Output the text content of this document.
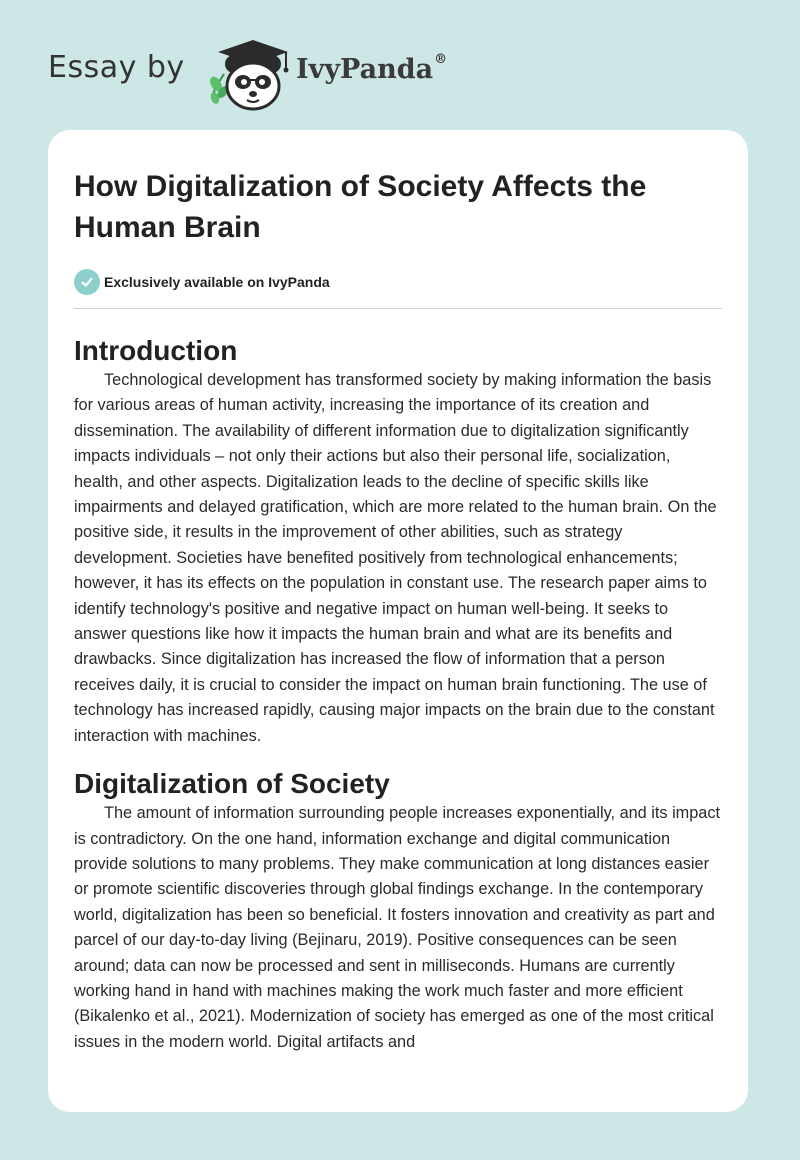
Essay by	IvyPanda®
How Digitalization of Society Affects the Human Brain
Exclusively available on IvyPanda
Introduction

Technological development has transformed society by making information the basis for various areas of human activity, increasing the importance of its creation and dissemination. The availability of different information due to digitalization significantly impacts individuals – not only their actions but also their personal life, socialization, health, and other aspects. Digitalization leads to the decline of specific skills like impairments and delayed gratification, which are more related to the human brain. On the positive side, it results in the improvement of other abilities, such as strategy development. Societies have benefited positively from technological enhancements; however, it has its effects on the population in constant use. The research paper aims to identify technology's positive and negative impact on human well-being. It seeks to answer questions like how it impacts the human brain and what are its benefits and drawbacks. Since digitalization has increased the flow of information that a person receives daily, it is crucial to consider the impact on human brain functioning. The use of technology has increased rapidly, causing major impacts on the brain due to the constant interaction with machines.

Digitalization of Society

The amount of information surrounding people increases exponentially, and its impact is contradictory. On the one hand, information exchange and digital communication provide solutions to many problems. They make communication at long distances easier or promote scientific discoveries through global findings exchange. In the contemporary world, digitalization has been so beneficial. It fosters innovation and creativity as part and parcel of our day-to-day living (Bejinaru, 2019). Positive consequences can be seen around; data can now be processed and sent in milliseconds. Humans are currently working hand in hand with machines making the work much faster and more efficient (Bikalenko et al., 2021). Modernization of society has emerged as one of the most critical issues in the modern world. Digital artifacts and
